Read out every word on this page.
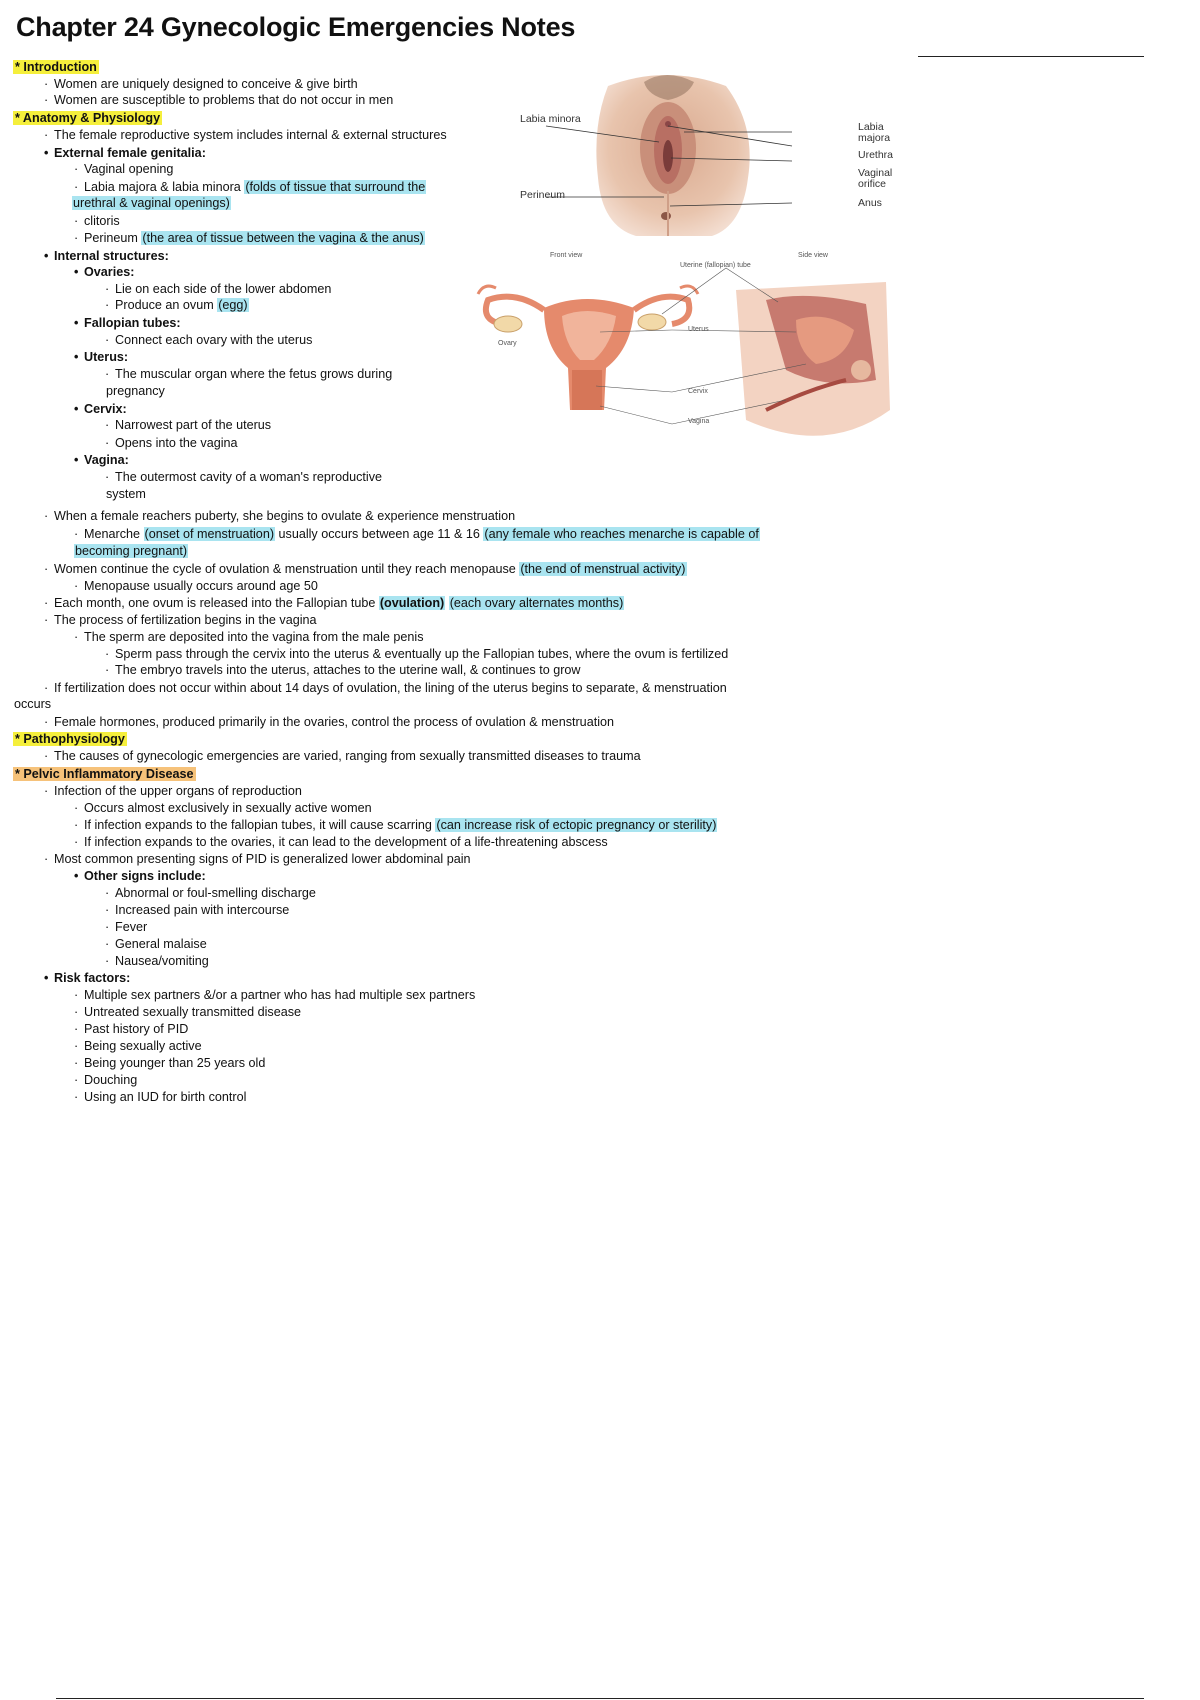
Chapter 24 Gynecologic Emergencies Notes
* Introduction
· Women are uniquely designed to conceive & give birth
· Women are susceptible to problems that do not occur in men
* Anatomy & Physiology
· The female reproductive system includes internal & external structures
• External female genitalia:
· Vaginal opening
· Labia majora & labia minora (folds of tissue that surround the
urethral & vaginal openings)
· clitoris
· Perineum (the area of tissue between the vagina & the anus)
• Internal structures:
• Ovaries:
· Lie on each side of the lower abdomen
· Produce an ovum (egg)
• Fallopian tubes:
· Connect each ovary with the uterus
• Uterus:
· The muscular organ where the fetus grows during
pregnancy
• Cervix:
· Narrowest part of the uterus
· Opens into the vagina
• Vagina:
· The outermost cavity of a woman's reproductive
system
· When a female reachers puberty, she begins to ovulate & experience menstruation
· Menarche (onset of menstruation) usually occurs between age 11 & 16 (any female who reaches menarche is capable of
becoming pregnant)
· Women continue the cycle of ovulation & menstruation until they reach menopause (the end of menstrual activity)
· Menopause usually occurs around age 50
· Each month, one ovum is released into the Fallopian tube (ovulation) (each ovary alternates months)
· The process of fertilization begins in the vagina
· The sperm are deposited into the vagina from the male penis
· Sperm pass through the cervix into the uterus & eventually up the Fallopian tubes, where the ovum is fertilized
· The embryo travels into the uterus, attaches to the uterine wall, & continues to grow
· If fertilization does not occur within about 14 days of ovulation, the lining of the uterus begins to separate, & menstruation
occurs
· Female hormones, produced primarily in the ovaries, control the process of ovulation & menstruation
* Pathophysiology
· The causes of gynecologic emergencies are varied, ranging from sexually transmitted diseases to trauma
* Pelvic Inflammatory Disease
· Infection of the upper organs of reproduction
· Occurs almost exclusively in sexually active women
· If infection expands to the fallopian tubes, it will cause scarring (can increase risk of ectopic pregnancy or sterility)
· If infection expands to the ovaries, it can lead to the development of a life-threatening abscess
· Most common presenting signs of PID is generalized lower abdominal pain
• Other signs include:
· Abnormal or foul-smelling discharge
· Increased pain with intercourse
· Fever
· General malaise
· Nausea/vomiting
• Risk factors:
· Multiple sex partners &/or a partner who has had multiple sex partners
· Untreated sexually transmitted disease
· Past history of PID
· Being sexually active
· Being younger than 25 years old
· Douching
· Using an IUD for birth control
Labia minora
Perineum
Labia majora
Urethra
Vaginal orifice
Anus
Front view	Side view
Uterine (fallopian) tube
Ovary
Uterus
Cervix
Vagina
